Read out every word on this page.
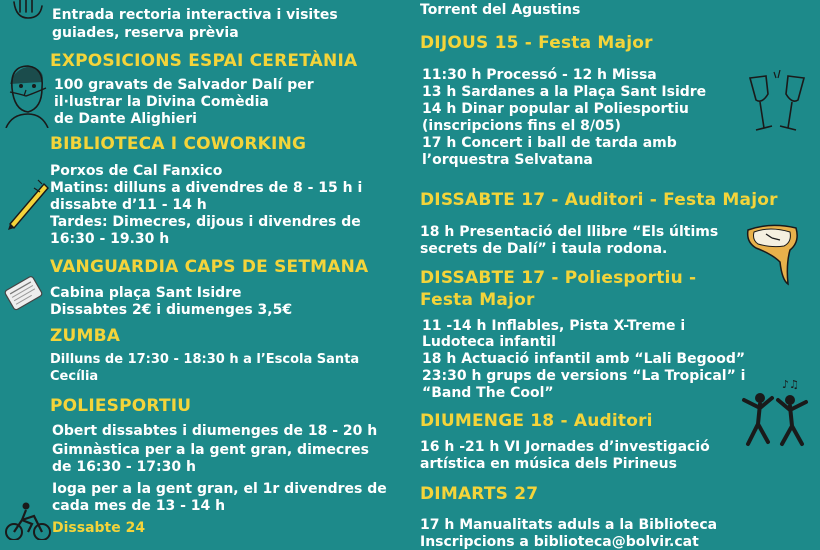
Entrada rectoria interactiva i visites
guiades, reserva prèvia
EXPOSICIONS ESPAI CERETÀNIA
100 gravats de Salvador Dalí per
il·lustrar la Divina Comèdia
de Dante Alighieri
BIBLIOTECA I COWORKING
Porxos de Cal Fanxico
Matins: dilluns a divendres de 8 - 15 h i
dissabte d’11 - 14 h
Tardes: Dimecres, dijous i divendres de
16:30 - 19.30 h
VANGUARDIA CAPS DE SETMANA
Cabina plaça Sant Isidre
Dissabtes 2€ i diumenges 3,5€
ZUMBA
Dilluns de 17:30 - 18:30 h a l’Escola Santa
Cecília
POLIESPORTIU
Obert dissabtes i diumenges de 18 - 20 h
Gimnàstica per a la gent gran, dimecres
de 16:30 - 17:30 h
Ioga per a la gent gran, el 1r divendres de
cada mes de 13 - 14 h
Dissabte 24
Torrent del Agustins
DIJOUS 15 - Festa Major
11:30 h Processó - 12 h Missa
13 h Sardanes a la Plaça Sant Isidre
14 h Dinar popular al Poliesportiu
(inscripcions fins el 8/05)
17 h Concert i ball de tarda amb
l’orquestra Selvatana
DISSABTE 17 - Auditori - Festa Major
18 h Presentació del llibre “Els últims
secrets de Dalí” i taula rodona.
DISSABTE 17 - Poliesportiu -
Festa Major
11 -14 h Inflables, Pista X-Treme i
Ludoteca infantil
18 h Actuació infantil amb “Lali Begood”
23:30 h grups de versions “La Tropical” i
“Band The Cool”
DIUMENGE 18 - Auditori
16 h -21 h VI Jornades d’investigació
artística en música dels Pirineus
DIMARTS 27
17 h Manualitats aduls a la Biblioteca
Inscripcions a biblioteca@bolvir.cat
♪♫
